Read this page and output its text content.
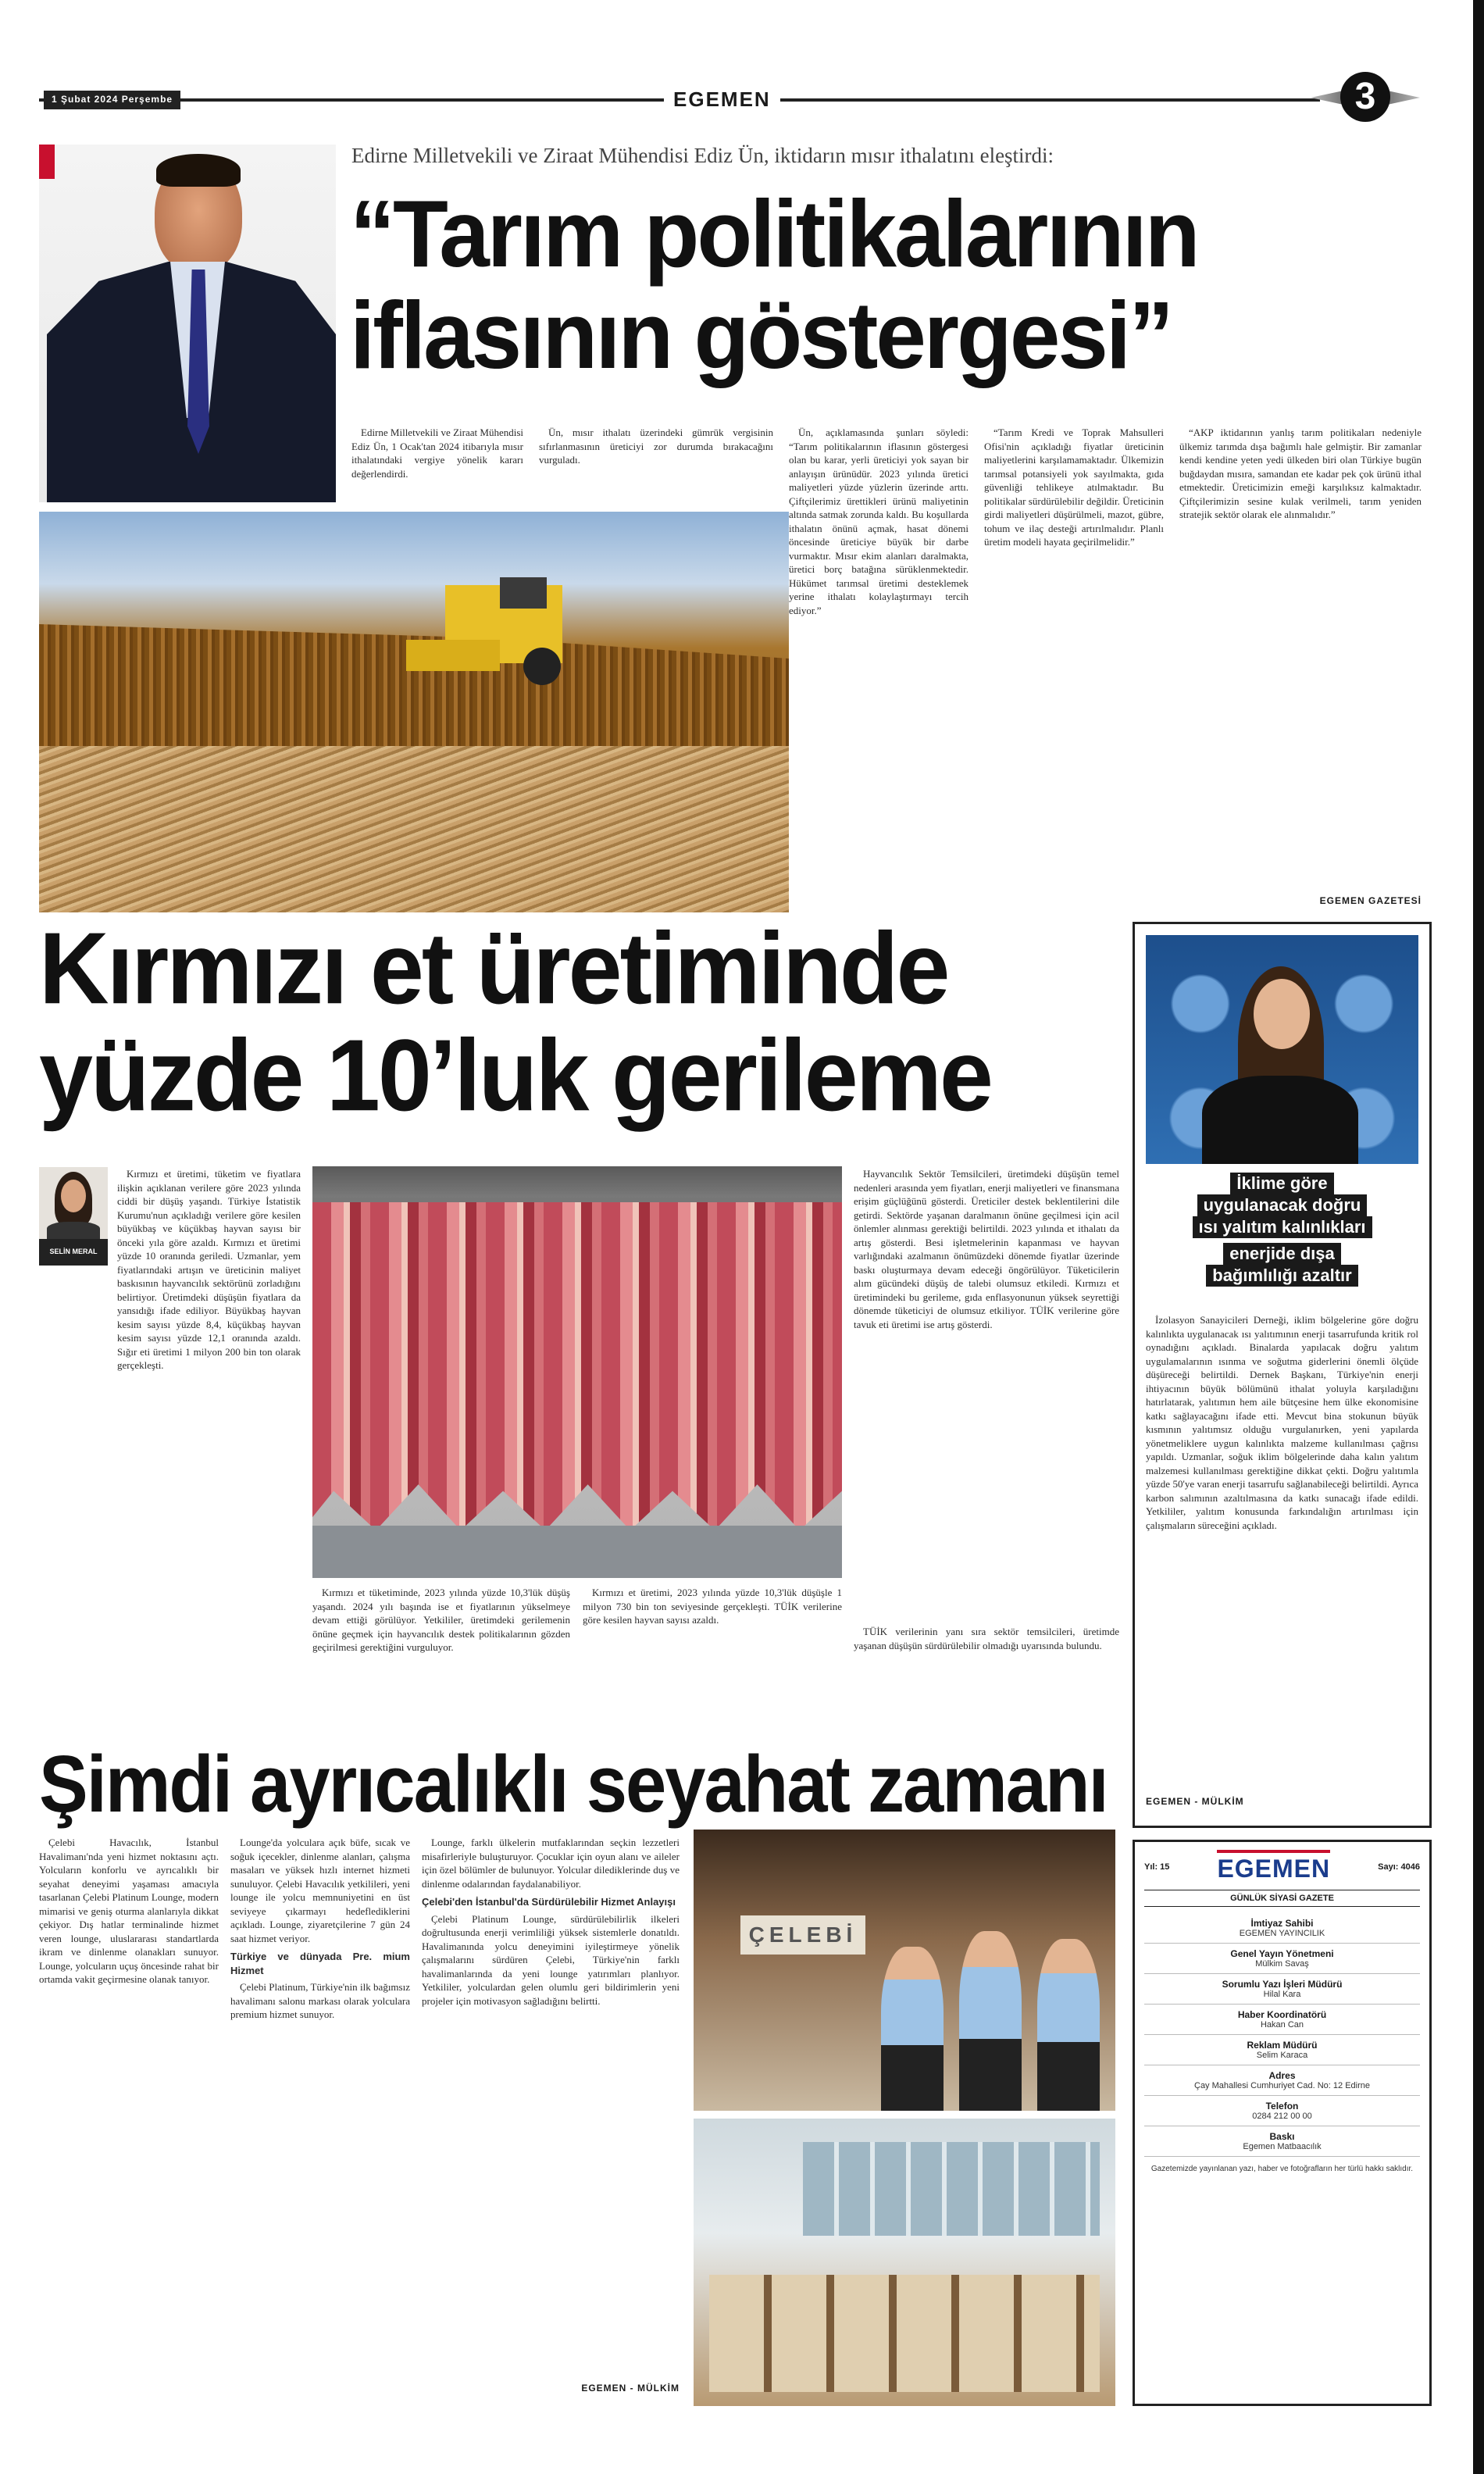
1 Şubat 2024 Perşembe	EGEMEN	3
Edirne Milletvekili ve Ziraat Mühendisi Ediz Ün, iktidarın mısır ithalatını eleştirdi:
“Tarım politikalarının
iflasının göstergesi”

Edirne Milletvekili ve Ziraat Mühendisi Ediz Ün, 1 Ocak'tan 2024 itibarıyla mısır ithalatındaki vergiye yönelik kararı değerlendirdi.

Ün, mısır ithalatı üzerindeki gümrük vergisinin sıfırlanmasının üreticiyi zor durumda bırakacağını vurguladı.

Ün, açıklamasında şunları söyledi: “Tarım politikalarının iflasının göstergesi olan bu karar, yerli üreticiyi yok sayan bir anlayışın ürünüdür. 2023 yılında üretici maliyetleri yüzde yüzlerin üzerinde arttı. Çiftçilerimiz ürettikleri ürünü maliyetinin altında satmak zorunda kaldı. Bu koşullarda ithalatın önünü açmak, hasat dönemi öncesinde üreticiye büyük bir darbe vurmaktır. Mısır ekim alanları daralmakta, üretici borç batağına sürüklenmektedir. Hükümet tarımsal üretimi desteklemek yerine ithalatı kolaylaştırmayı tercih ediyor.”

“Tarım Kredi ve Toprak Mahsulleri Ofisi'nin açıkladığı fiyatlar üreticinin maliyetlerini karşılamamaktadır. Ülkemizin tarımsal potansiyeli yok sayılmakta, gıda güvenliği tehlikeye atılmaktadır. Bu politikalar sürdürülebilir değildir. Üreticinin girdi maliyetleri düşürülmeli, mazot, gübre, tohum ve ilaç desteği artırılmalıdır. Planlı üretim modeli hayata geçirilmelidir.”

“AKP iktidarının yanlış tarım politikaları nedeniyle ülkemiz tarımda dışa bağımlı hale gelmiştir. Bir zamanlar kendi kendine yeten yedi ülkeden biri olan Türkiye bugün buğdaydan mısıra, samandan ete kadar pek çok ürünü ithal etmektedir. Üreticimizin emeği karşılıksız kalmaktadır. Çiftçilerimizin sesine kulak verilmeli, tarım yeniden stratejik sektör olarak ele alınmalıdır.”

EGEMEN GAZETESİ
Kırmızı et üretiminde
yüzde 10’luk gerileme
SELİN MERAL

Kırmızı et üretimi, tüketim ve fiyatlara ilişkin açıklanan verilere göre 2023 yılında ciddi bir düşüş yaşandı. Türkiye İstatistik Kurumu'nun açıkladığı verilere göre kesilen büyükbaş ve küçükbaş hayvan sayısı bir önceki yıla göre azaldı. Kırmızı et üretimi yüzde 10 oranında geriledi. Uzmanlar, yem fiyatlarındaki artışın ve üreticinin maliyet baskısının hayvancılık sektörünü zorladığını belirtiyor. Üretimdeki düşüşün fiyatlara da yansıdığı ifade ediliyor. Büyükbaş hayvan kesim sayısı yüzde 8,4, küçükbaş hayvan kesim sayısı yüzde 12,1 oranında azaldı. Sığır eti üretimi 1 milyon 200 bin ton olarak gerçekleşti.

Kırmızı et tüketiminde, 2023 yılında yüzde 10,3'lük düşüş yaşandı. 2024 yılı başında ise et fiyatlarının yükselmeye devam ettiği görülüyor. Yetkililer, üretimdeki gerilemenin önüne geçmek için hayvancılık destek politikalarının gözden geçirilmesi gerektiğini vurguluyor.

Kırmızı et üretimi, 2023 yılında yüzde 10,3'lük düşüşle 1 milyon 730 bin ton seviyesinde gerçekleşti. TÜİK verilerine göre kesilen hayvan sayısı azaldı.

Hayvancılık Sektör Temsilcileri, üretimdeki düşüşün temel nedenleri arasında yem fiyatları, enerji maliyetleri ve finansmana erişim güçlüğünü gösterdi. Üreticiler destek beklentilerini dile getirdi. Sektörde yaşanan daralmanın önüne geçilmesi için acil önlemler alınması gerektiği belirtildi. 2023 yılında et ithalatı da artış gösterdi. Besi işletmelerinin kapanması ve hayvan varlığındaki azalmanın önümüzdeki dönemde fiyatlar üzerinde baskı oluşturmaya devam edeceği öngörülüyor. Tüketicilerin alım gücündeki düşüş de talebi olumsuz etkiledi. Kırmızı et üretimindeki bu gerileme, gıda enflasyonunun yüksek seyrettiği dönemde tüketiciyi de olumsuz etkiliyor. TÜİK verilerine göre tavuk eti üretimi ise artış gösterdi.

TÜİK verilerinin yanı sıra sektör temsilcileri, üretimde yaşanan düşüşün sürdürülebilir olmadığı uyarısında bulundu.

İklime göre
uygulanacak doğru
ısı yalıtım kalınlıkları
enerjide dışa
bağımlılığı azaltır

İzolasyon Sanayicileri Derneği, iklim bölgelerine göre doğru kalınlıkta uygulanacak ısı yalıtımının enerji tasarrufunda kritik rol oynadığını açıkladı. Binalarda yapılacak doğru yalıtım uygulamalarının ısınma ve soğutma giderlerini önemli ölçüde düşüreceği belirtildi. Dernek Başkanı, Türkiye'nin enerji ihtiyacının büyük bölümünü ithalat yoluyla karşıladığını hatırlatarak, yalıtımın hem aile bütçesine hem ülke ekonomisine katkı sağlayacağını ifade etti. Mevcut bina stokunun büyük kısmının yalıtımsız olduğu vurgulanırken, yeni yapılarda yönetmeliklere uygun kalınlıkta malzeme kullanılması çağrısı yapıldı. Uzmanlar, soğuk iklim bölgelerinde daha kalın yalıtım malzemesi kullanılması gerektiğine dikkat çekti. Doğru yalıtımla yüzde 50'ye varan enerji tasarrufu sağlanabileceği belirtildi. Ayrıca karbon salımının azaltılmasına da katkı sunacağı ifade edildi. Yetkililer, yalıtım konusunda farkındalığın artırılması için çalışmaların süreceğini açıkladı.

EGEMEN - MÜLKİM
Şimdi ayrıcalıklı seyahat zamanı

Çelebi Havacılık, İstanbul Havalimanı'nda yeni hizmet noktasını açtı. Yolcuların konforlu ve ayrıcalıklı bir seyahat deneyimi yaşaması amacıyla tasarlanan Çelebi Platinum Lounge, modern mimarisi ve geniş oturma alanlarıyla dikkat çekiyor. Dış hatlar terminalinde hizmet veren lounge, uluslararası standartlarda ikram ve dinlenme olanakları sunuyor. Lounge, yolcuların uçuş öncesinde rahat bir ortamda vakit geçirmesine olanak tanıyor.

Lounge'da yolculara açık büfe, sıcak ve soğuk içecekler, dinlenme alanları, çalışma masaları ve yüksek hızlı internet hizmeti sunuluyor. Çelebi Havacılık yetkilileri, yeni lounge ile yolcu memnuniyetini en üst seviyeye çıkarmayı hedeflediklerini açıkladı. Lounge, ziyaretçilerine 7 gün 24 saat hizmet veriyor.

Türkiye ve dünyada Pre. mium Hizmet

Çelebi Platinum, Türkiye'nin ilk bağımsız havalimanı salonu markası olarak yolculara premium hizmet sunuyor.

Lounge, farklı ülkelerin mutfaklarından seçkin lezzetleri misafirleriyle buluşturuyor. Çocuklar için oyun alanı ve aileler için özel bölümler de bulunuyor. Yolcular dilediklerinde duş ve dinlenme odalarından faydalanabiliyor.

Çelebi'den İstanbul'da Sürdürülebilir Hizmet Anlayışı

Çelebi Platinum Lounge, sürdürülebilirlik ilkeleri doğrultusunda enerji verimliliği yüksek sistemlerle donatıldı. Havalimanında yolcu deneyimini iyileştirmeye yönelik çalışmalarını sürdüren Çelebi, Türkiye'nin farklı havalimanlarında da yeni lounge yatırımları planlıyor. Yetkililer, yolculardan gelen olumlu geri bildirimlerin yeni projeler için motivasyon sağladığını belirtti.

EGEMEN - MÜLKİM
ÇELEBİ
Yıl: 15 EGEMEN	Sayı: 4046
GÜNLÜK SİYASİ GAZETE
İmtiyaz Sahibi
EGEMEN YAYINCILIK
Genel Yayın Yönetmeni
Mülkim Savaş
Sorumlu Yazı İşleri Müdürü
Hilal Kara
Haber Koordinatörü
Hakan Can
Reklam Müdürü
Selim Karaca
Adres
Çay Mahallesi Cumhuriyet Cad. No: 12 Edirne
Telefon
0284 212 00 00
Baskı
Egemen Matbaacılık
Gazetemizde yayınlanan yazı, haber ve fotoğrafların her türlü hakkı saklıdır.
